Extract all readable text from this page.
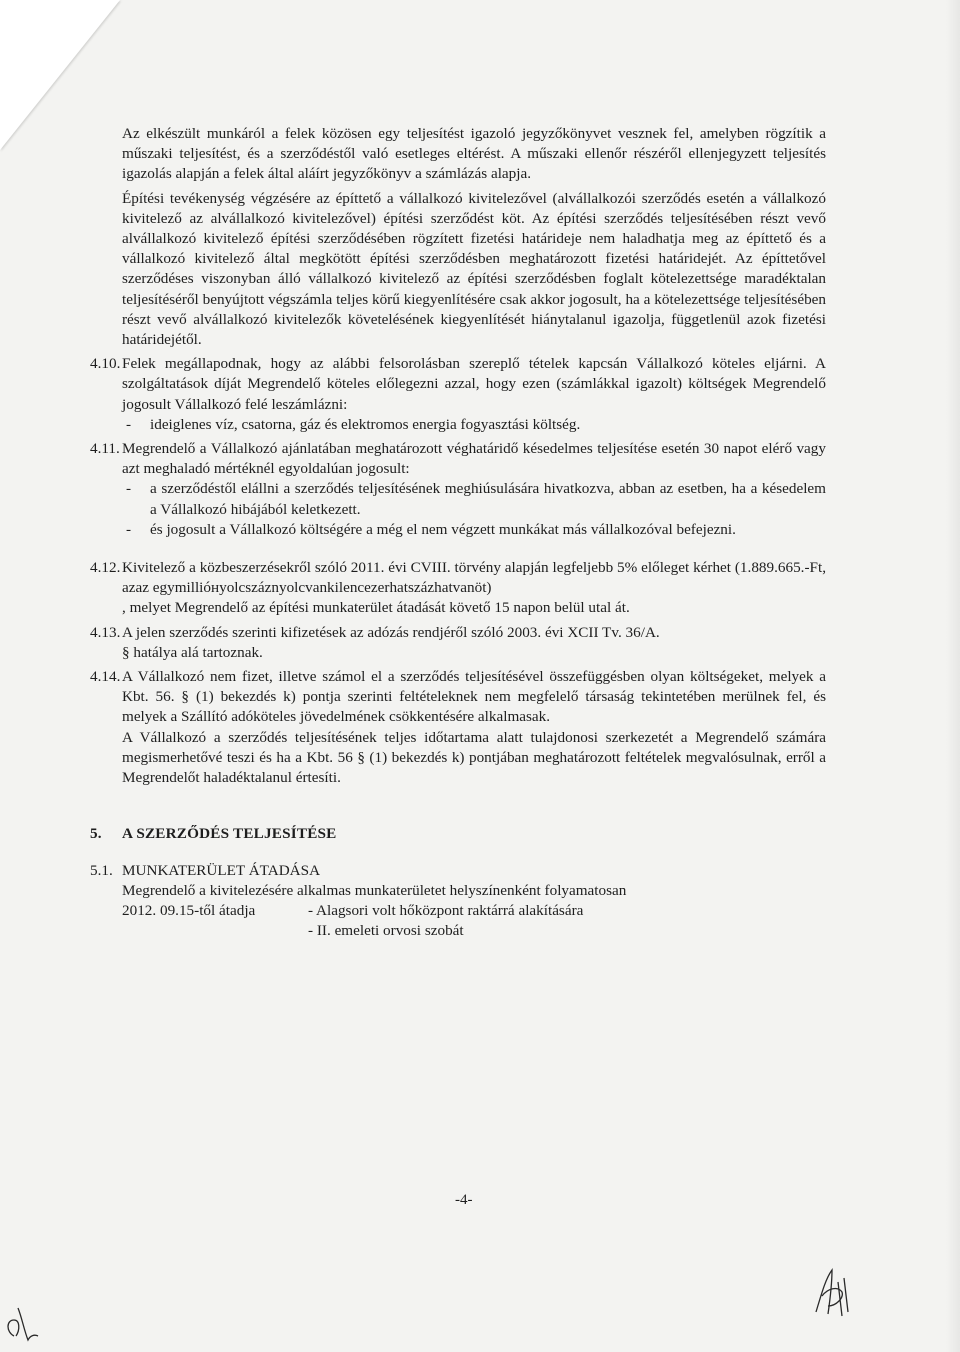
Az elkészült munkáról a felek közösen egy teljesítést igazoló jegyzőkönyvet vesznek fel, amelyben rögzítik a műszaki teljesítést, és a szerződéstől való esetleges eltérést. A műszaki ellenőr részéről ellenjegyzett teljesítés igazolás alapján a felek által aláírt jegyzőkönyv a számlázás alapja.

Építési tevékenység végzésére az építtető a vállalkozó kivitelezővel (alvállalkozói szerződés esetén a vállalkozó kivitelező az alvállalkozó kivitelezővel) építési szerződést köt. Az építési szerződés teljesítésében részt vevő alvállalkozó kivitelező építési szerződésében rögzített fizetési határideje nem haladhatja meg az építtető és a vállalkozó kivitelező által megkötött építési szerződésben meghatározott fizetési határidejét. Az építtetővel szerződéses viszonyban álló vállalkozó kivitelező az építési szerződésben foglalt kötelezettsége maradéktalan teljesítéséről benyújtott végszámla teljes körű kiegyenlítésére csak akkor jogosult, ha a kötelezettsége teljesítésében részt vevő alvállalkozó kivitelezők követelésének kiegyenlítését hiánytalanul igazolja, függetlenül azok fizetési határidejétől.

4.10. Felek megállapodnak, hogy az alábbi felsorolásban szereplő tételek kapcsán Vállalkozó köteles eljárni. A szolgáltatások díját Megrendelő köteles előlegezni azzal, hogy ezen (számlákkal igazolt) költségek Megrendelő jogosult Vállalkozó felé leszámlázni:

- ideiglenes víz, csatorna, gáz és elektromos energia fogyasztási költség.

4.11. Megrendelő a Vállalkozó ajánlatában meghatározott véghatáridő késedelmes teljesítése esetén 30 napot elérő vagy azt meghaladó mértéknél egyoldalúan jogosult:

- a szerződéstől elállni a szerződés teljesítésének meghiúsulására hivatkozva, abban az esetben, ha a késedelem a Vállalkozó hibájából keletkezett.

- és jogosult a Vállalkozó költségére a még el nem végzett munkákat más vállalkozóval befejezni.

4.12. Kivitelező a közbeszerzésekről szóló 2011. évi CVIII. törvény alapján legfeljebb 5% előleget kérhet (1.889.665.-Ft, azaz egymillióнyolcszáznyolcvankilencezerhatszázhatvanöt)

, melyet Megrendelő az építési munkaterület átadását követő 15 napon belül utal át.

4.13. A jelen szerződés szerinti kifizetések az adózás rendjéről szóló 2003. évi XCII Tv. 36/A.

§ hatálya alá tartoznak.

4.14. A Vállalkozó nem fizet, illetve számol el a szerződés teljesítésével összefüggésben olyan költségeket, melyek a Kbt. 56. § (1) bekezdés k) pontja szerinti feltételeknek nem megfelelő társaság tekintetében merülnek fel, és melyek a Szállító adóköteles jövedelmének csökkentésére alkalmasak.

A Vállalkozó a szerződés teljesítésének teljes időtartama alatt tulajdonosi szerkezetét a Megrendelő számára megismerhetővé teszi és ha a Kbt. 56 § (1) bekezdés k) pontjában meghatározott feltételek megvalósulnak, erről a Megrendelőt haladéktalanul értesíti.

5. A SZERZŐDÉS TELJESÍTÉSE
5.1. MUNKATERÜLET ÁTADÁSA

Megrendelő a kivitelezésére alkalmas munkaterületet helyszínenként folyamatosan

2012. 09.15-től átadja	- Alagsori volt hőközpont raktárrá alakítására
- II. emeleti orvosi szobát
-4-
